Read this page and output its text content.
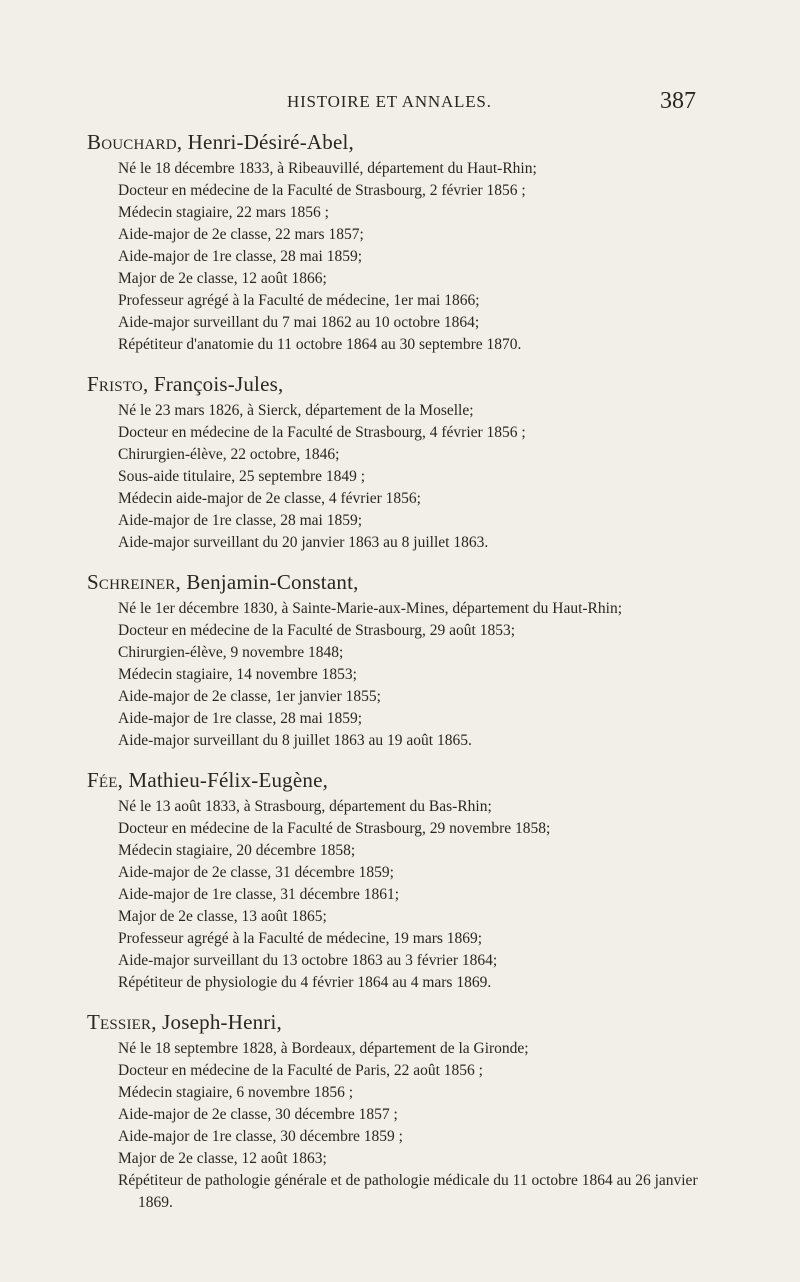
HISTOIRE ET ANNALES.	387
Bouchard, Henri-Désiré-Abel,
Né le 18 décembre 1833, à Ribeauvillé, département du Haut-Rhin;
Docteur en médecine de la Faculté de Strasbourg, 2 février 1856 ;
Médecin stagiaire, 22 mars 1856 ;
Aide-major de 2e classe, 22 mars 1857;
Aide-major de 1re classe, 28 mai 1859;
Major de 2e classe, 12 août 1866;
Professeur agrégé à la Faculté de médecine, 1er mai 1866;
Aide-major surveillant du 7 mai 1862 au 10 octobre 1864;
Répétiteur d'anatomie du 11 octobre 1864 au 30 septembre 1870.
Fristo, François-Jules,
Né le 23 mars 1826, à Sierck, département de la Moselle;
Docteur en médecine de la Faculté de Strasbourg, 4 février 1856 ;
Chirurgien-élève, 22 octobre, 1846;
Sous-aide titulaire, 25 septembre 1849 ;
Médecin aide-major de 2e classe, 4 février 1856;
Aide-major de 1re classe, 28 mai 1859;
Aide-major surveillant du 20 janvier 1863 au 8 juillet 1863.
Schreiner, Benjamin-Constant,
Né le 1er décembre 1830, à Sainte-Marie-aux-Mines, département du Haut-Rhin;
Docteur en médecine de la Faculté de Strasbourg, 29 août 1853;
Chirurgien-élève, 9 novembre 1848;
Médecin stagiaire, 14 novembre 1853;
Aide-major de 2e classe, 1er janvier 1855;
Aide-major de 1re classe, 28 mai 1859;
Aide-major surveillant du 8 juillet 1863 au 19 août 1865.
Fée, Mathieu-Félix-Eugène,
Né le 13 août 1833, à Strasbourg, département du Bas-Rhin;
Docteur en médecine de la Faculté de Strasbourg, 29 novembre 1858;
Médecin stagiaire, 20 décembre 1858;
Aide-major de 2e classe, 31 décembre 1859;
Aide-major de 1re classe, 31 décembre 1861;
Major de 2e classe, 13 août 1865;
Professeur agrégé à la Faculté de médecine, 19 mars 1869;
Aide-major surveillant du 13 octobre 1863 au 3 février 1864;
Répétiteur de physiologie du 4 février 1864 au 4 mars 1869.
Tessier, Joseph-Henri,
Né le 18 septembre 1828, à Bordeaux, département de la Gironde;
Docteur en médecine de la Faculté de Paris, 22 août 1856 ;
Médecin stagiaire, 6 novembre 1856 ;
Aide-major de 2e classe, 30 décembre 1857 ;
Aide-major de 1re classe, 30 décembre 1859 ;
Major de 2e classe, 12 août 1863;
Répétiteur de pathologie générale et de pathologie médicale du 11 octobre 1864 au 26 janvier 1869.
